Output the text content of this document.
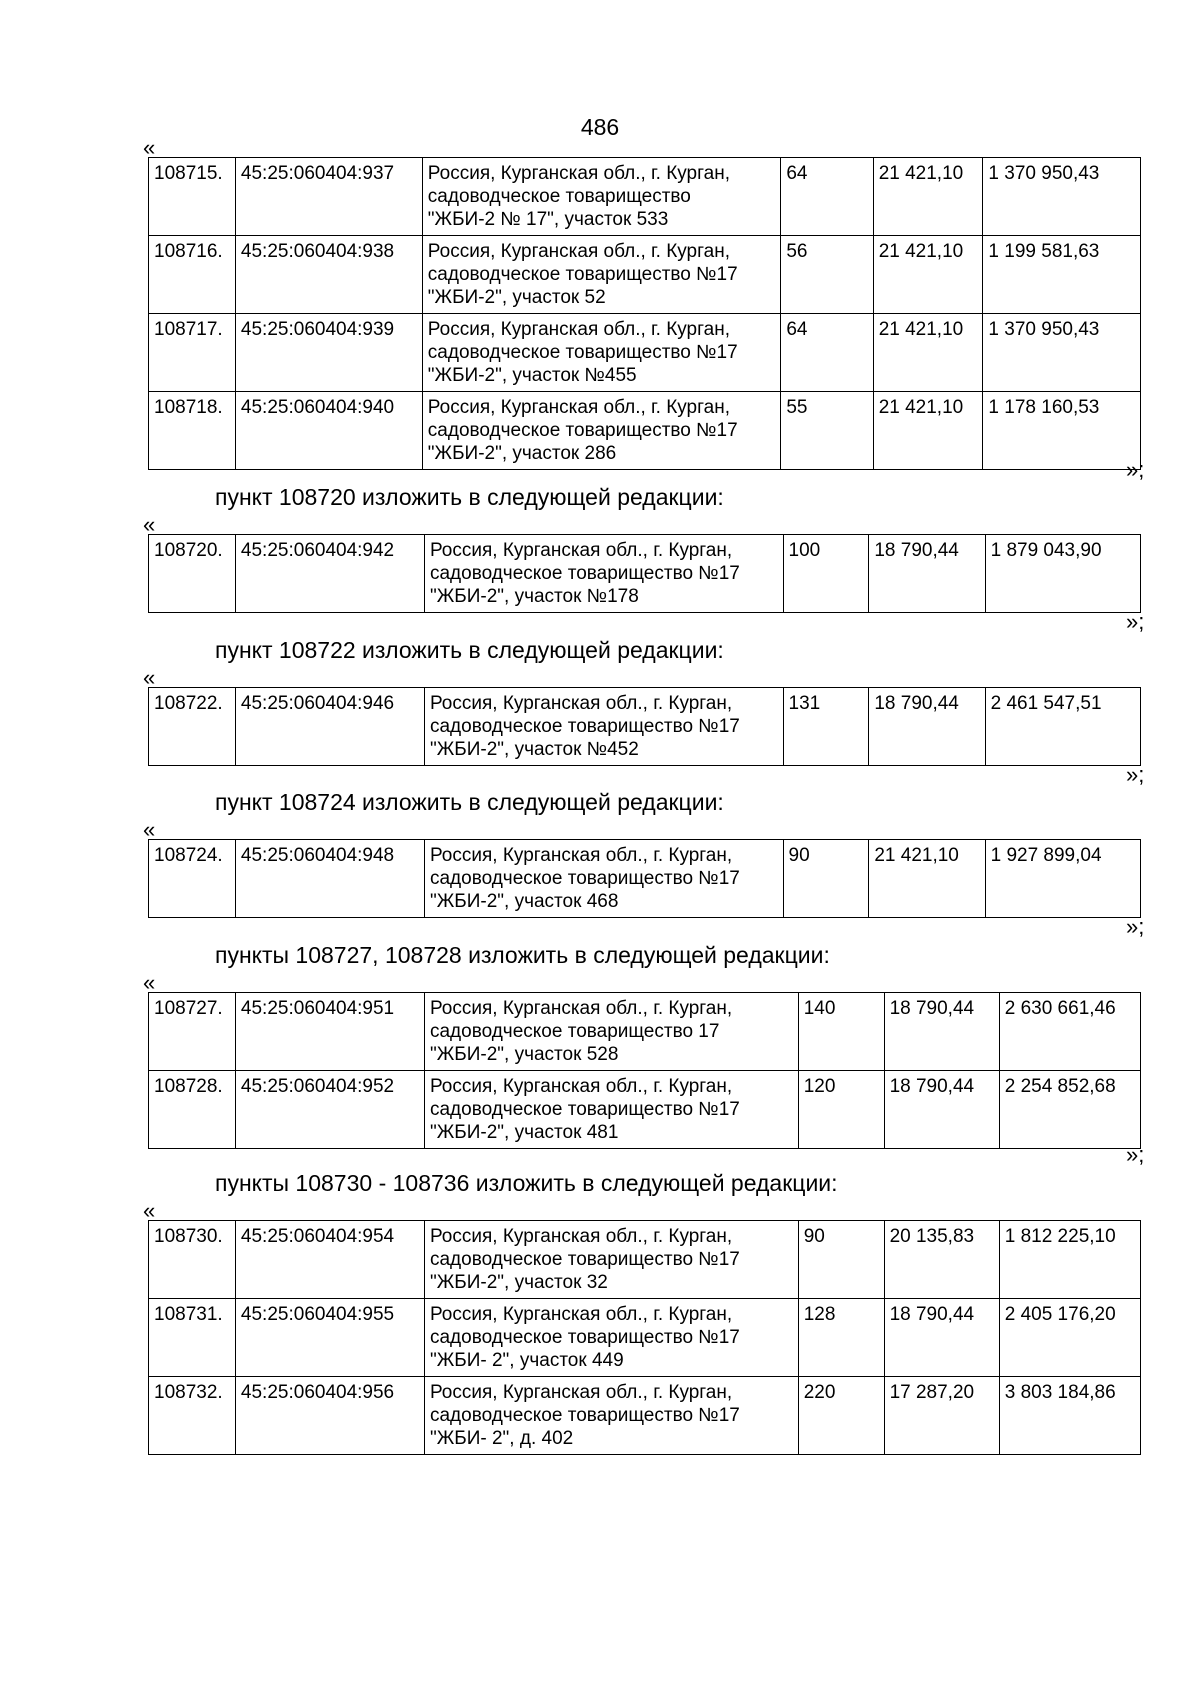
486
«
108715.	45:25:060404:937	Россия, Курганская обл., г. Курган,
садоводческое товарищество
"ЖБИ-2 № 17", участок 533	64	21 421,10	1 370 950,43
108716.	45:25:060404:938	Россия, Курганская обл., г. Курган,
садоводческое товарищество №17
"ЖБИ-2", участок 52	56	21 421,10	1 199 581,63
108717.	45:25:060404:939	Россия, Курганская обл., г. Курган,
садоводческое товарищество №17
"ЖБИ-2", участок №455	64	21 421,10	1 370 950,43
108718.	45:25:060404:940	Россия, Курганская обл., г. Курган,
садоводческое товарищество №17
"ЖБИ-2", участок 286	55	21 421,10	1 178 160,53
»;
пункт 108720 изложить в следующей редакции:
«
108720.	45:25:060404:942	Россия, Курганская обл., г. Курган,
садоводческое товарищество №17
"ЖБИ-2", участок №178
	100	18 790,44	1 879 043,90
»;
пункт 108722 изложить в следующей редакции:
«
108722.	45:25:060404:946	Россия, Курганская обл., г. Курган,
садоводческое товарищество №17
"ЖБИ-2", участок №452
	131	18 790,44	2 461 547,51
»;
пункт 108724 изложить в следующей редакции:
«
108724.	45:25:060404:948	Россия, Курганская обл., г. Курган,
садоводческое товарищество №17
"ЖБИ-2", участок 468
	90	21 421,10	1 927 899,04
»;
пункты 108727, 108728 изложить в следующей редакции:
«
108727.	45:25:060404:951	Россия, Курганская обл., г. Курган,
садоводческое товарищество 17
"ЖБИ-2", участок 528	140	18 790,44	2 630 661,46
108728.	45:25:060404:952	Россия, Курганская обл., г. Курган,
садоводческое товарищество №17
"ЖБИ-2", участок 481	120	18 790,44	2 254 852,68
»;
пункты 108730 - 108736 изложить в следующей редакции:
«
108730.	45:25:060404:954	Россия, Курганская обл., г. Курган,
садоводческое товарищество №17
"ЖБИ-2", участок 32	90	20 135,83	1 812 225,10
108731.	45:25:060404:955	Россия, Курганская обл., г. Курган,
садоводческое товарищество №17
"ЖБИ- 2", участок 449	128	18 790,44	2 405 176,20
108732.	45:25:060404:956	Россия, Курганская обл., г. Курган,
садоводческое товарищество №17
"ЖБИ- 2", д. 402	220	17 287,20	3 803 184,86
